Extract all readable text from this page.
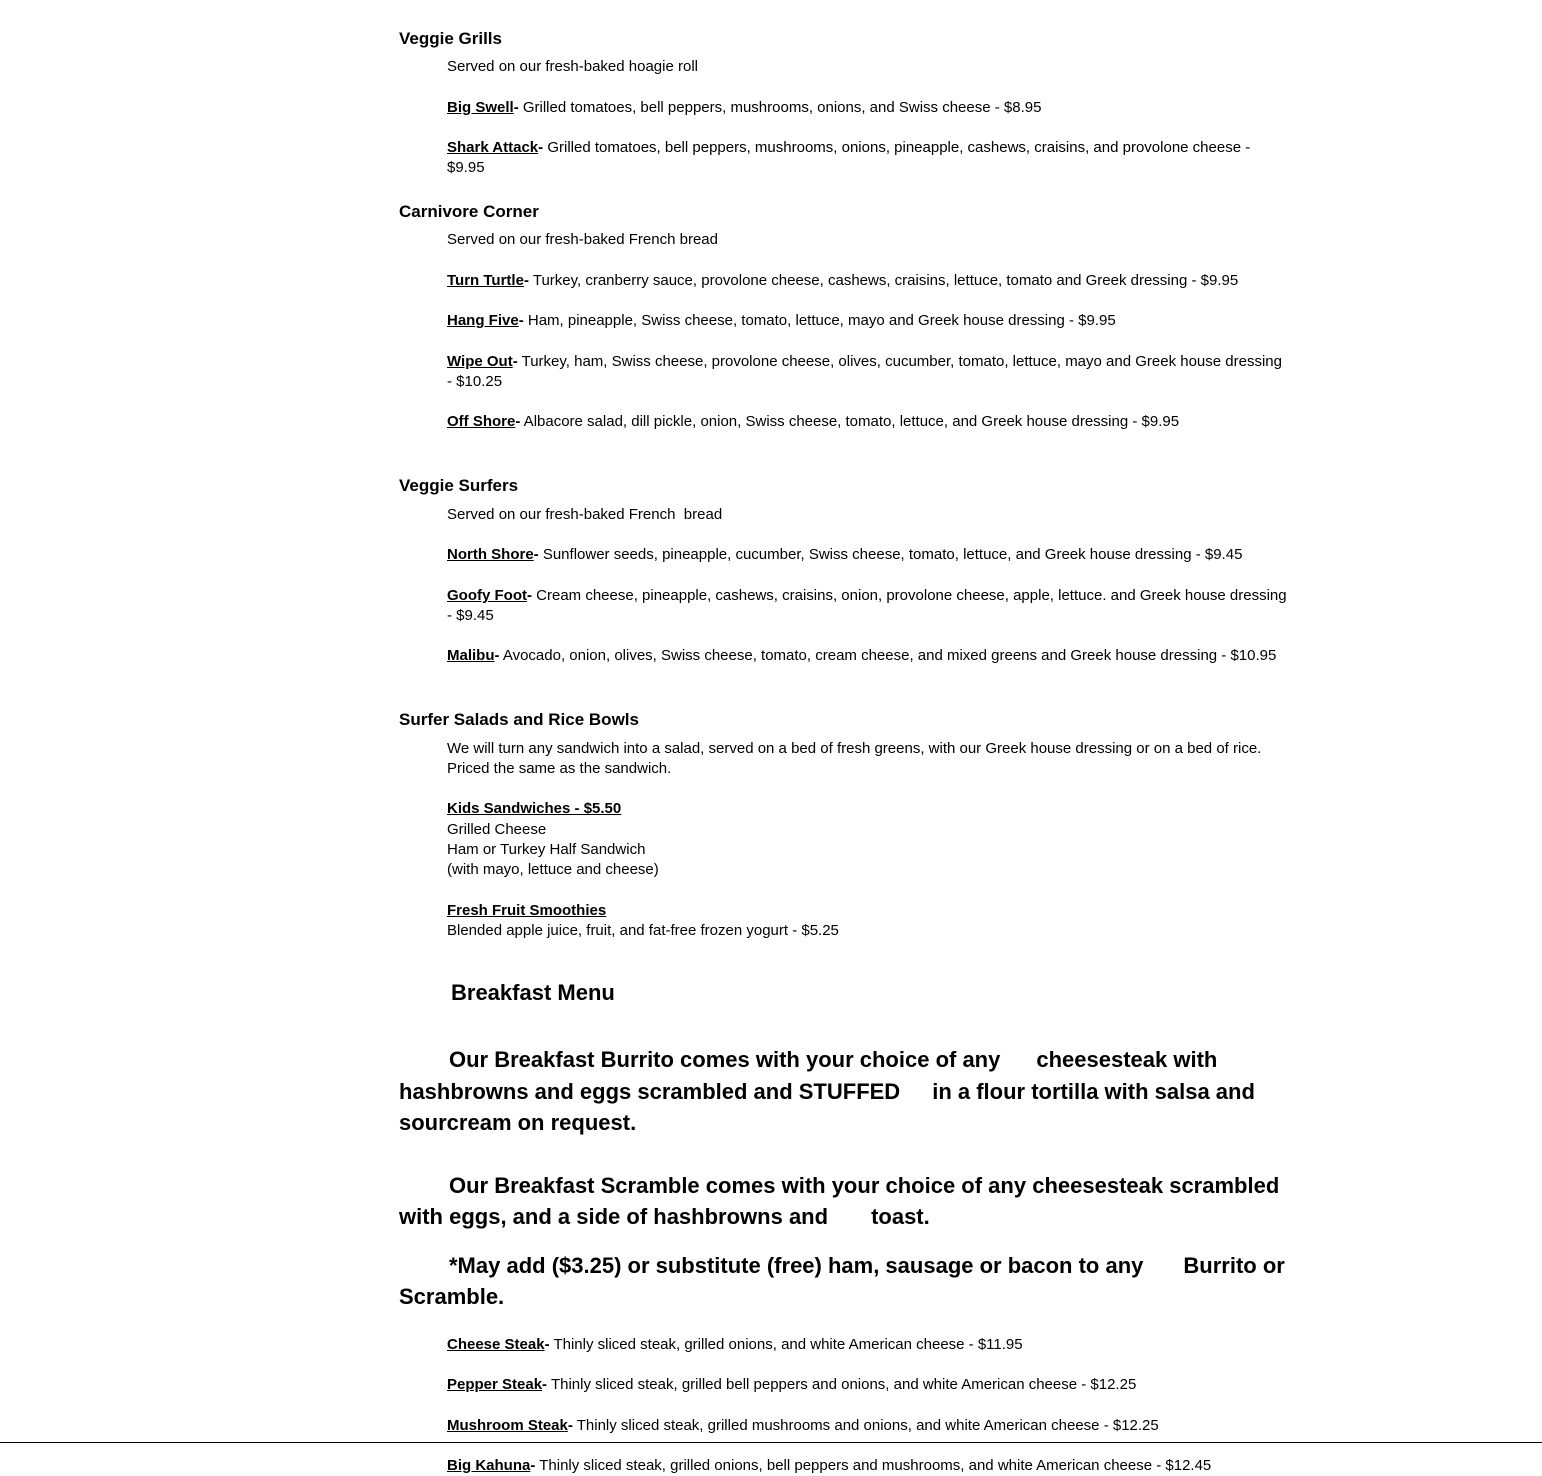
Veggie Grills

Served on our fresh-baked hoagie roll

Big Swell- Grilled tomatoes, bell peppers, mushrooms, onions, and Swiss cheese - $8.95

Shark Attack- Grilled tomatoes, bell peppers, mushrooms, onions, pineapple, cashews, craisins, and provolone cheese - $9.95

Carnivore Corner

Served on our fresh-baked French bread

Turn Turtle- Turkey, cranberry sauce, provolone cheese, cashews, craisins, lettuce, tomato and Greek dressing - $9.95

Hang Five- Ham, pineapple, Swiss cheese, tomato, lettuce, mayo and Greek house dressing - $9.95

Wipe Out- Turkey, ham, Swiss cheese, provolone cheese, olives, cucumber, tomato, lettuce, mayo and Greek house dressing - $10.25

Off Shore- Albacore salad, dill pickle, onion, Swiss cheese, tomato, lettuce, and Greek house dressing - $9.95

Veggie Surfers

Served on our fresh-baked French  bread

North Shore- Sunflower seeds, pineapple, cucumber, Swiss cheese, tomato, lettuce, and Greek house dressing - $9.45

Goofy Foot- Cream cheese, pineapple, cashews, craisins, onion, provolone cheese, apple, lettuce. and Greek house dressing - $9.45

Malibu- Avocado, onion, olives, Swiss cheese, tomato, cream cheese, and mixed greens and Greek house dressing - $10.95

Surfer Salads and Rice Bowls

We will turn any sandwich into a salad, served on a bed of fresh greens, with our Greek house dressing or on a bed of rice. Priced the same as the sandwich.

Kids Sandwiches - $5.50

Grilled Cheese

Ham or Turkey Half Sandwich

(with mayo, lettuce and cheese)

Fresh Fruit Smoothies

Blended apple juice, fruit, and fat-free frozen yogurt - $5.25

Breakfast Menu

Our Breakfast Burrito comes with your choice of any cheesesteak with hashbrowns and eggs scrambled and STUFFED in a flour tortilla with salsa and sourcream on request.

Our Breakfast Scramble comes with your choice of any cheesesteak scrambled with eggs, and a side of hashbrowns and toast.

*May add ($3.25) or substitute (free) ham, sausage or bacon to any Burrito or Scramble.

Cheese Steak- Thinly sliced steak, grilled onions, and white American cheese - $11.95

Pepper Steak- Thinly sliced steak, grilled bell peppers and onions, and white American cheese - $12.25

Mushroom Steak- Thinly sliced steak, grilled mushrooms and onions, and white American cheese - $12.25

Big Kahuna- Thinly sliced steak, grilled onions, bell peppers and mushrooms, and white American cheese - $12.45
